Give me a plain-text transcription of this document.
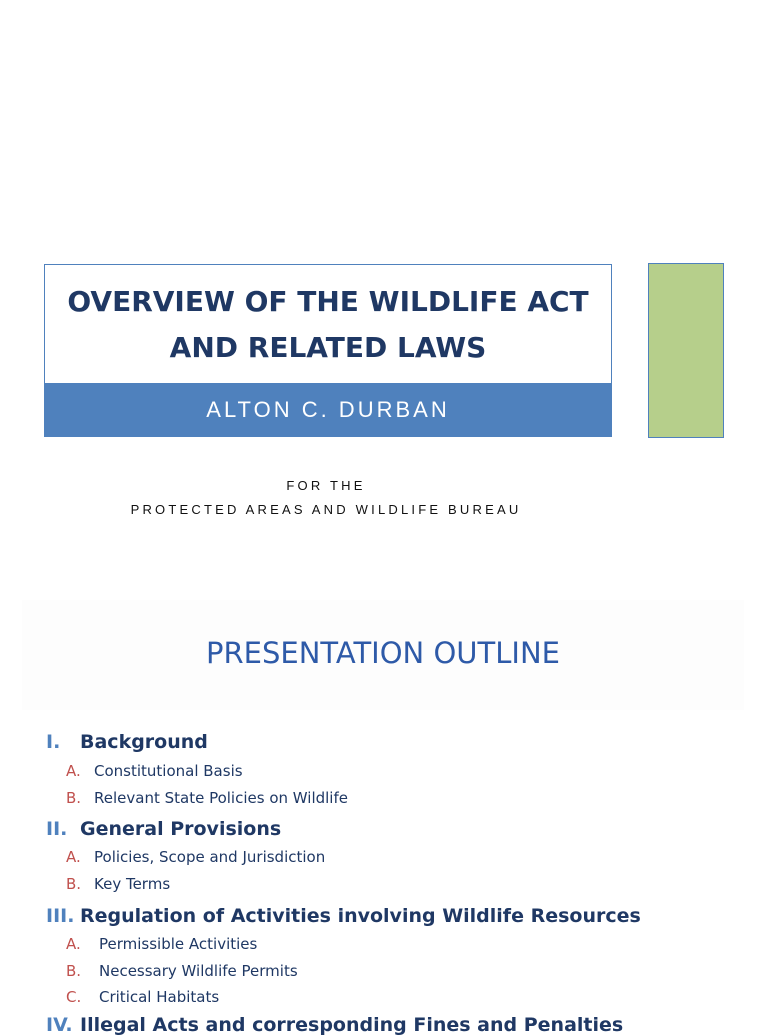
OVERVIEW OF THE WILDLIFE ACT
AND RELATED LAWS
ALTON C. DURBAN
FOR THE
PROTECTED AREAS AND WILDLIFE BUREAU
PRESENTATION OUTLINE
I. Background
A. Constitutional Basis
B. Relevant State Policies on Wildlife
II. General Provisions
A. Policies, Scope and Jurisdiction
B. Key Terms
III. Regulation of Activities involving Wildlife Resources
A. Permissible Activities
B. Necessary Wildlife Permits
C. Critical Habitats
IV. Illegal Acts and corresponding Fines and Penalties
